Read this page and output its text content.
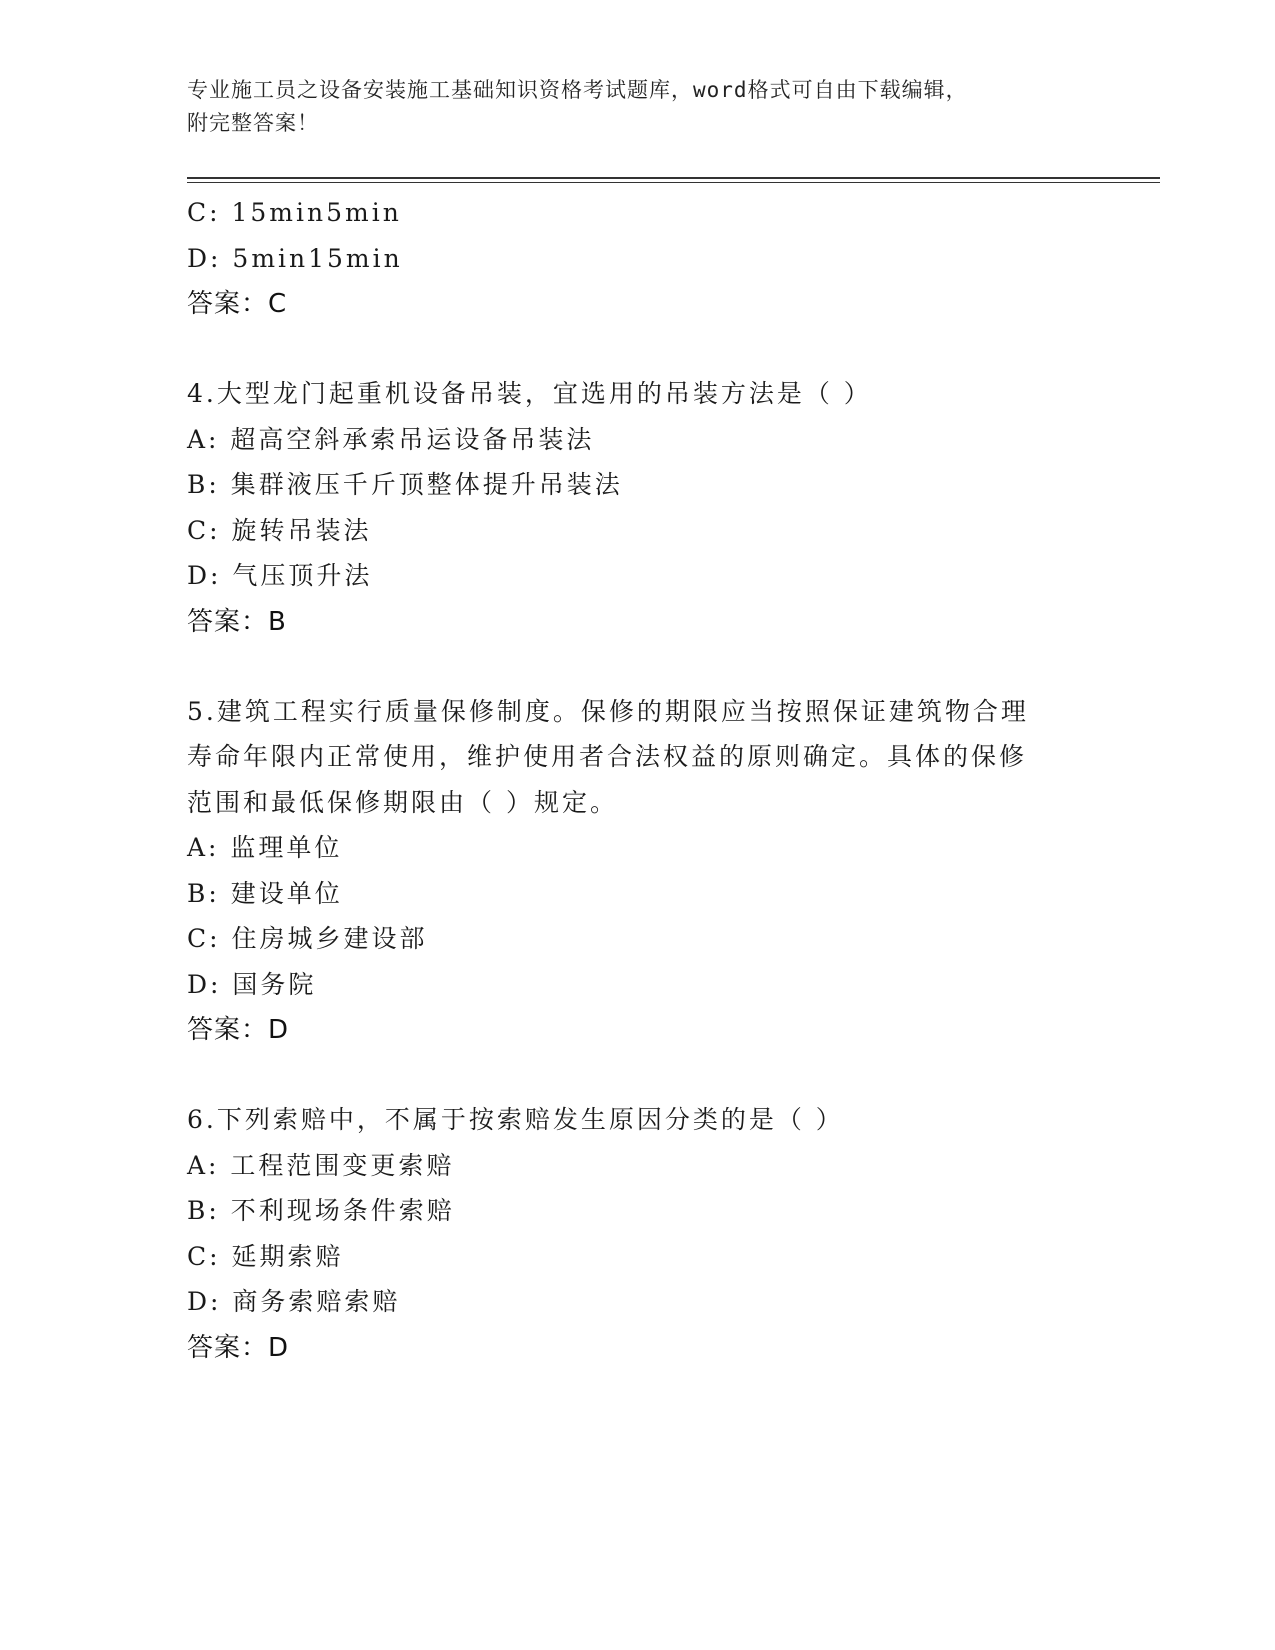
专业施工员之设备安装施工基础知识资格考试题库，word格式可自由下载编辑，
附完整答案！
C: 15min5min
D: 5min15min
答案：C
4.大型龙门起重机设备吊装，宜选用的吊装方法是（ ）
A: 超高空斜承索吊运设备吊装法
B: 集群液压千斤顶整体提升吊装法
C: 旋转吊装法
D: 气压顶升法
答案：B
5.建筑工程实行质量保修制度。保修的期限应当按照保证建筑物合理
寿命年限内正常使用，维护使用者合法权益的原则确定。具体的保修
范围和最低保修期限由（ ）规定。
A: 监理单位
B: 建设单位
C: 住房城乡建设部
D: 国务院
答案：D
6.下列索赔中，不属于按索赔发生原因分类的是（ ）
A: 工程范围变更索赔
B: 不利现场条件索赔
C: 延期索赔
D: 商务索赔索赔
答案：D
